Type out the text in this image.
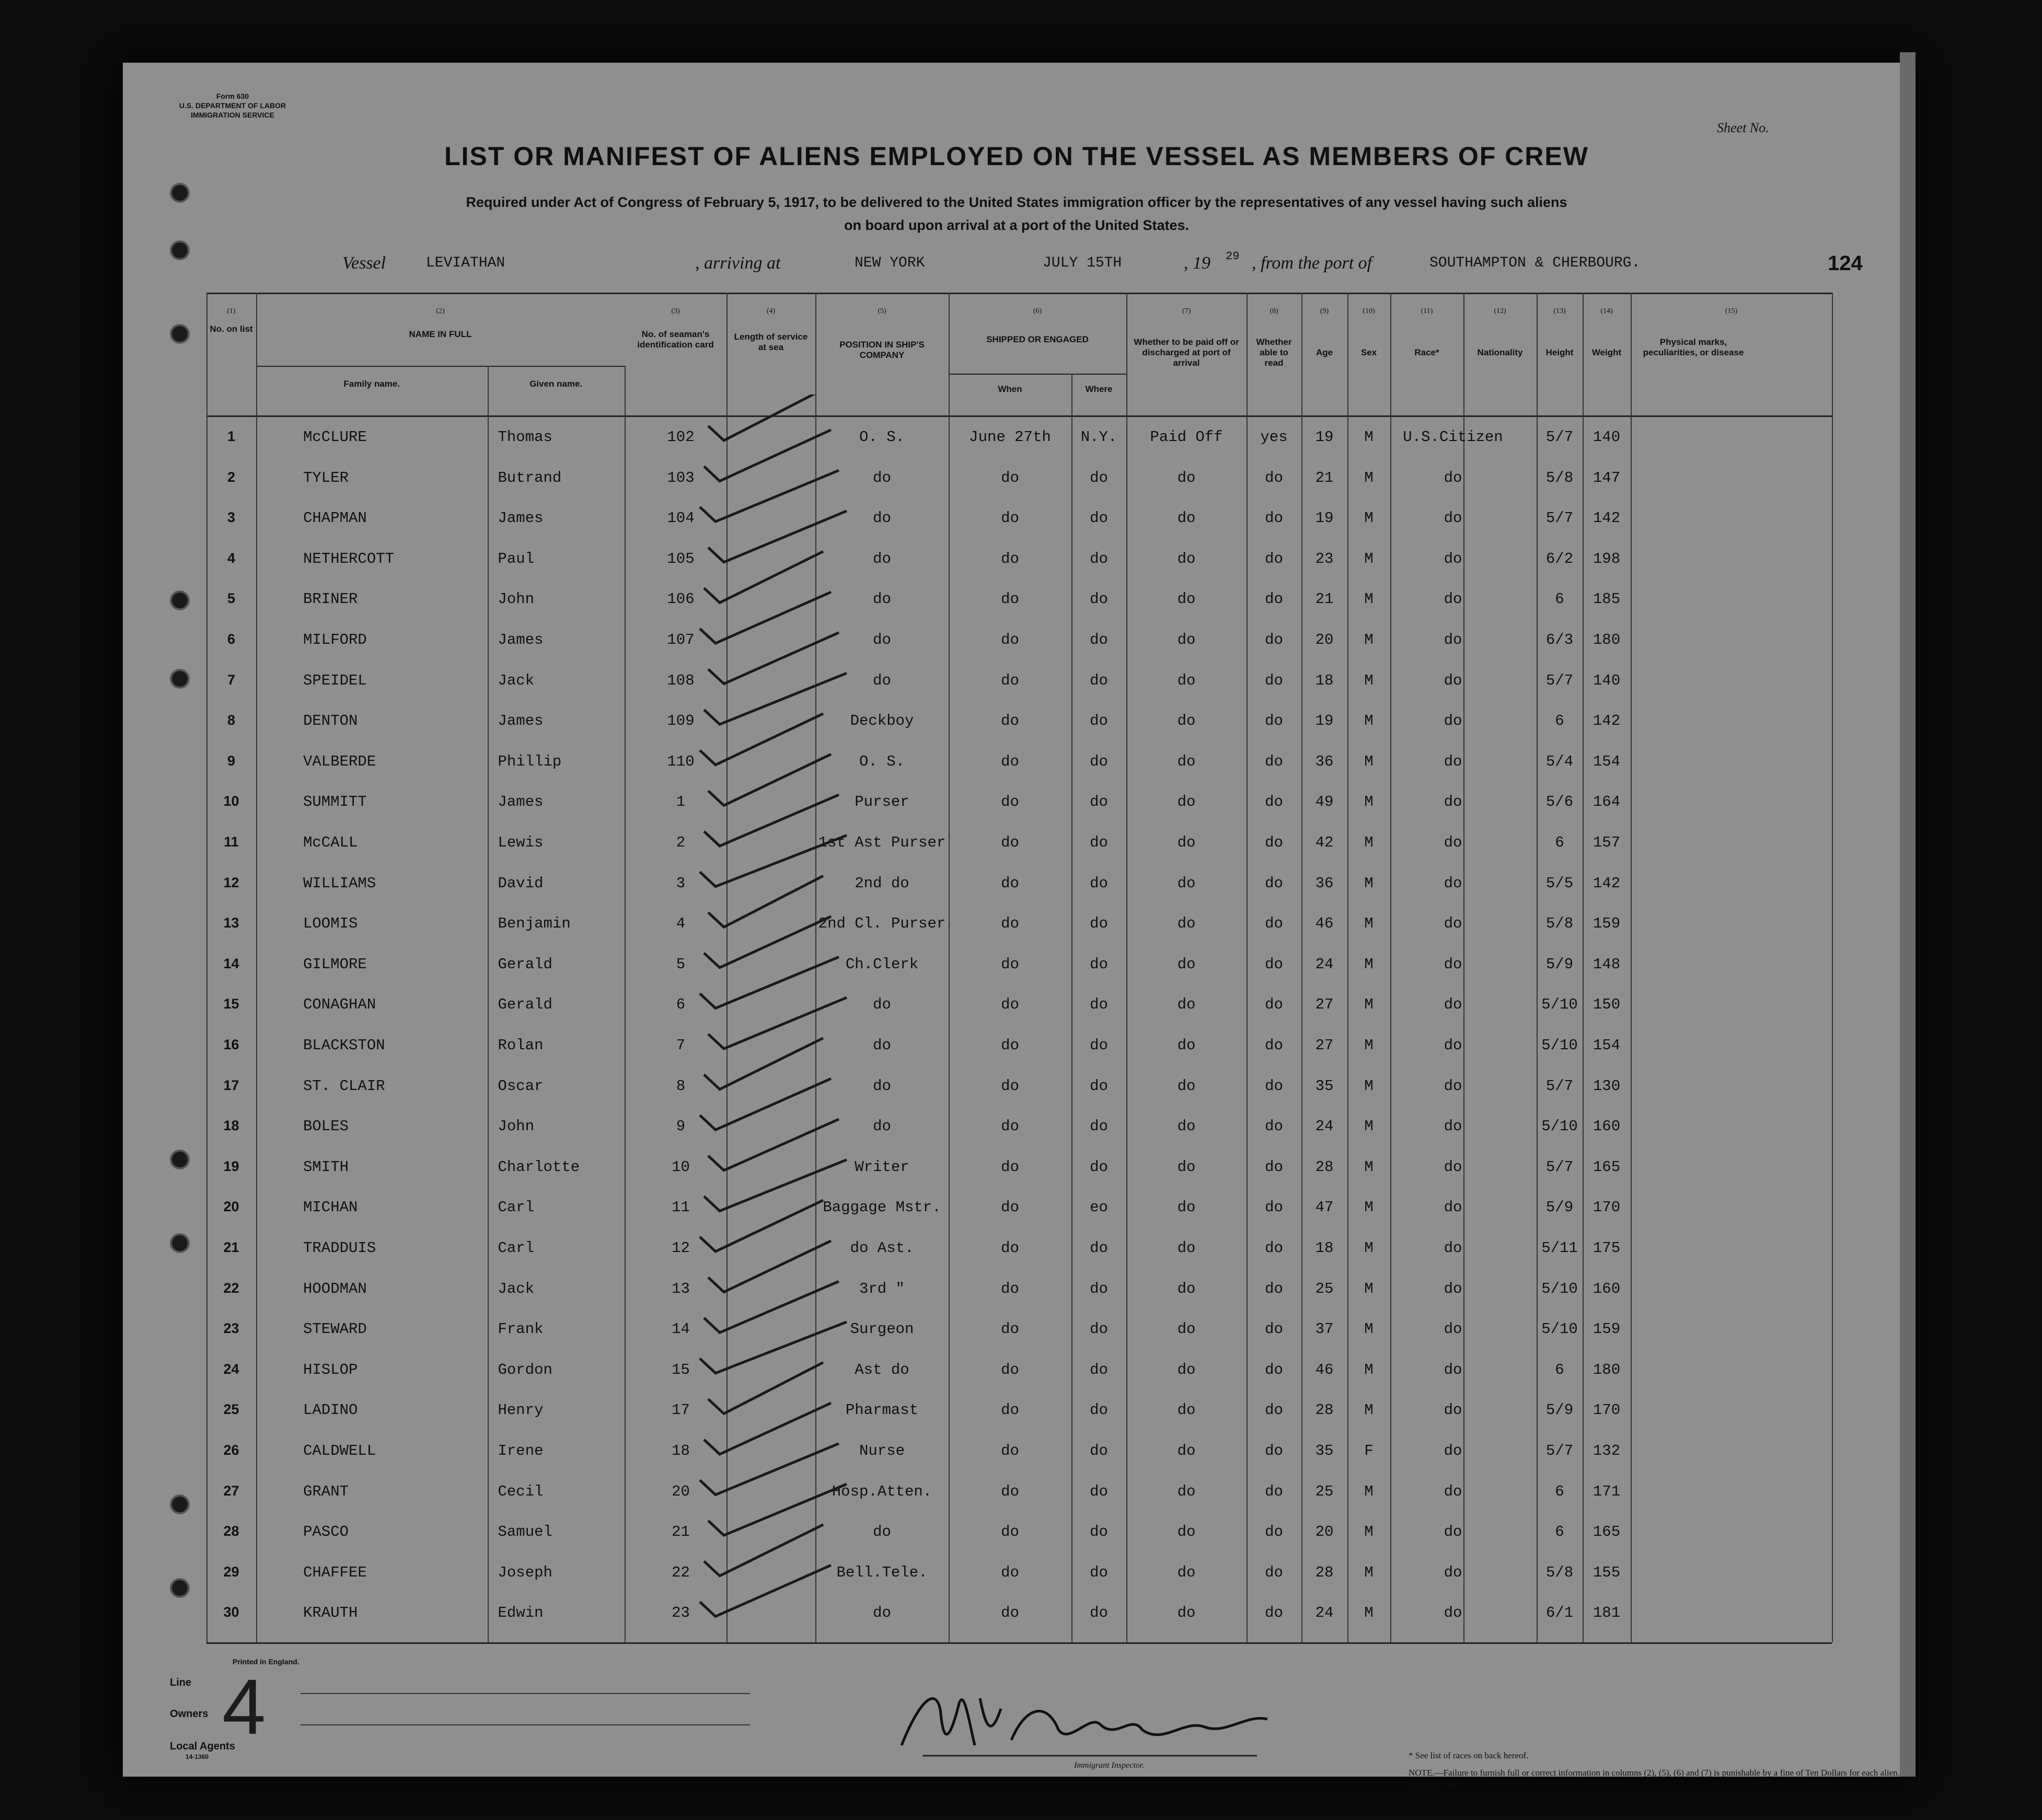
Form 630
U.S. DEPARTMENT OF LABOR
IMMIGRATION SERVICE
Sheet No.
LIST OR MANIFEST OF ALIENS EMPLOYED ON THE VESSEL AS MEMBERS OF CREW
Required under Act of Congress of February 5, 1917, to be delivered to the United States immigration officer by the representatives of any vessel having such aliens
on board upon arrival at a port of the United States.
Vessel	LEVIATHAN	, arriving at	NEW YORK	JULY 15TH	, 19 29 , from the port of	SOUTHAMPTON & CHERBOURG.	124
Printed in England.
Line
Owners
Local Agents
14-1360
4
Immigrant Inspector.
* See list of races on back hereof.
NOTE.—Failure to furnish full or correct information in columns (2), (5), (6) and (7) is punishable by a fine of Ten Dollars for each alien. See other side.
(1)	(2)	(3)	(4)	(5)	(6)	(7)	(8)	(9)	(10)	(11)	(12)	(13)	(14)	(15)
No. on list
NAME IN FULL
Family name.	Given name.
No. of seaman's identification card
Length of service at sea	POSITION IN SHIP'S COMPANY
SHIPPED OR ENGAGED
When	Where
Whether to be paid off or discharged at port of arrival
Whether able to read
Age	Sex	Race*	Nationality	Height	Weight
Physical marks, peculiarities, or disease
1	McCLURE	Thomas	102	O. S.	June 27th	N.Y.	Paid Off	yes	19	M	U.S.Citizen	5/7	140
2	TYLER	Butrand	103	do	do	do	do	do	21	M	do	5/8	147
3	CHAPMAN	James	104	do	do	do	do	do	19	M	do	5/7	142
4	NETHERCOTT	Paul	105	do	do	do	do	do	23	M	do	6/2	198
5	BRINER	John	106	do	do	do	do	do	21	M	do	6	185
6	MILFORD	James	107	do	do	do	do	do	20	M	do	6/3	180
7	SPEIDEL	Jack	108	do	do	do	do	do	18	M	do	5/7	140
8	DENTON	James	109	Deckboy	do	do	do	do	19	M	do	6	142
9	VALBERDE	Phillip	110	O. S.	do	do	do	do	36	M	do	5/4	154
10	SUMMITT	James	1	Purser	do	do	do	do	49	M	do	5/6	164
11	McCALL	Lewis	2	1st Ast Purser	do	do	do	do	42	M	do	6	157
12	WILLIAMS	David	3	2nd do	do	do	do	do	36	M	do	5/5	142
13	LOOMIS	Benjamin	4	2nd Cl. Purser	do	do	do	do	46	M	do	5/8	159
14	GILMORE	Gerald	5	Ch.Clerk	do	do	do	do	24	M	do	5/9	148
15	CONAGHAN	Gerald	6	do	do	do	do	do	27	M	do	5/10	150
16	BLACKSTON	Rolan	7	do	do	do	do	do	27	M	do	5/10	154
17	ST. CLAIR	Oscar	8	do	do	do	do	do	35	M	do	5/7	130
18	BOLES	John	9	do	do	do	do	do	24	M	do	5/10	160
19	SMITH	Charlotte	10	Writer	do	do	do	do	28	M	do	5/7	165
20	MICHAN	Carl	11	Baggage Mstr.	do	eo	do	do	47	M	do	5/9	170
21	TRADDUIS	Carl	12	do Ast.	do	do	do	do	18	M	do	5/11	175
22	HOODMAN	Jack	13	3rd "	do	do	do	do	25	M	do	5/10	160
23	STEWARD	Frank	14	Surgeon	do	do	do	do	37	M	do	5/10	159
24	HISLOP	Gordon	15	Ast do	do	do	do	do	46	M	do	6	180
25	LADINO	Henry	17	Pharmast	do	do	do	do	28	M	do	5/9	170
26	CALDWELL	Irene	18	Nurse	do	do	do	do	35	F	do	5/7	132
27	GRANT	Cecil	20	Hosp.Atten.	do	do	do	do	25	M	do	6	171
28	PASCO	Samuel	21	do	do	do	do	do	20	M	do	6	165
29	CHAFFEE	Joseph	22	Bell.Tele.	do	do	do	do	28	M	do	5/8	155
30	KRAUTH	Edwin	23	do	do	do	do	do	24	M	do	6/1	181
